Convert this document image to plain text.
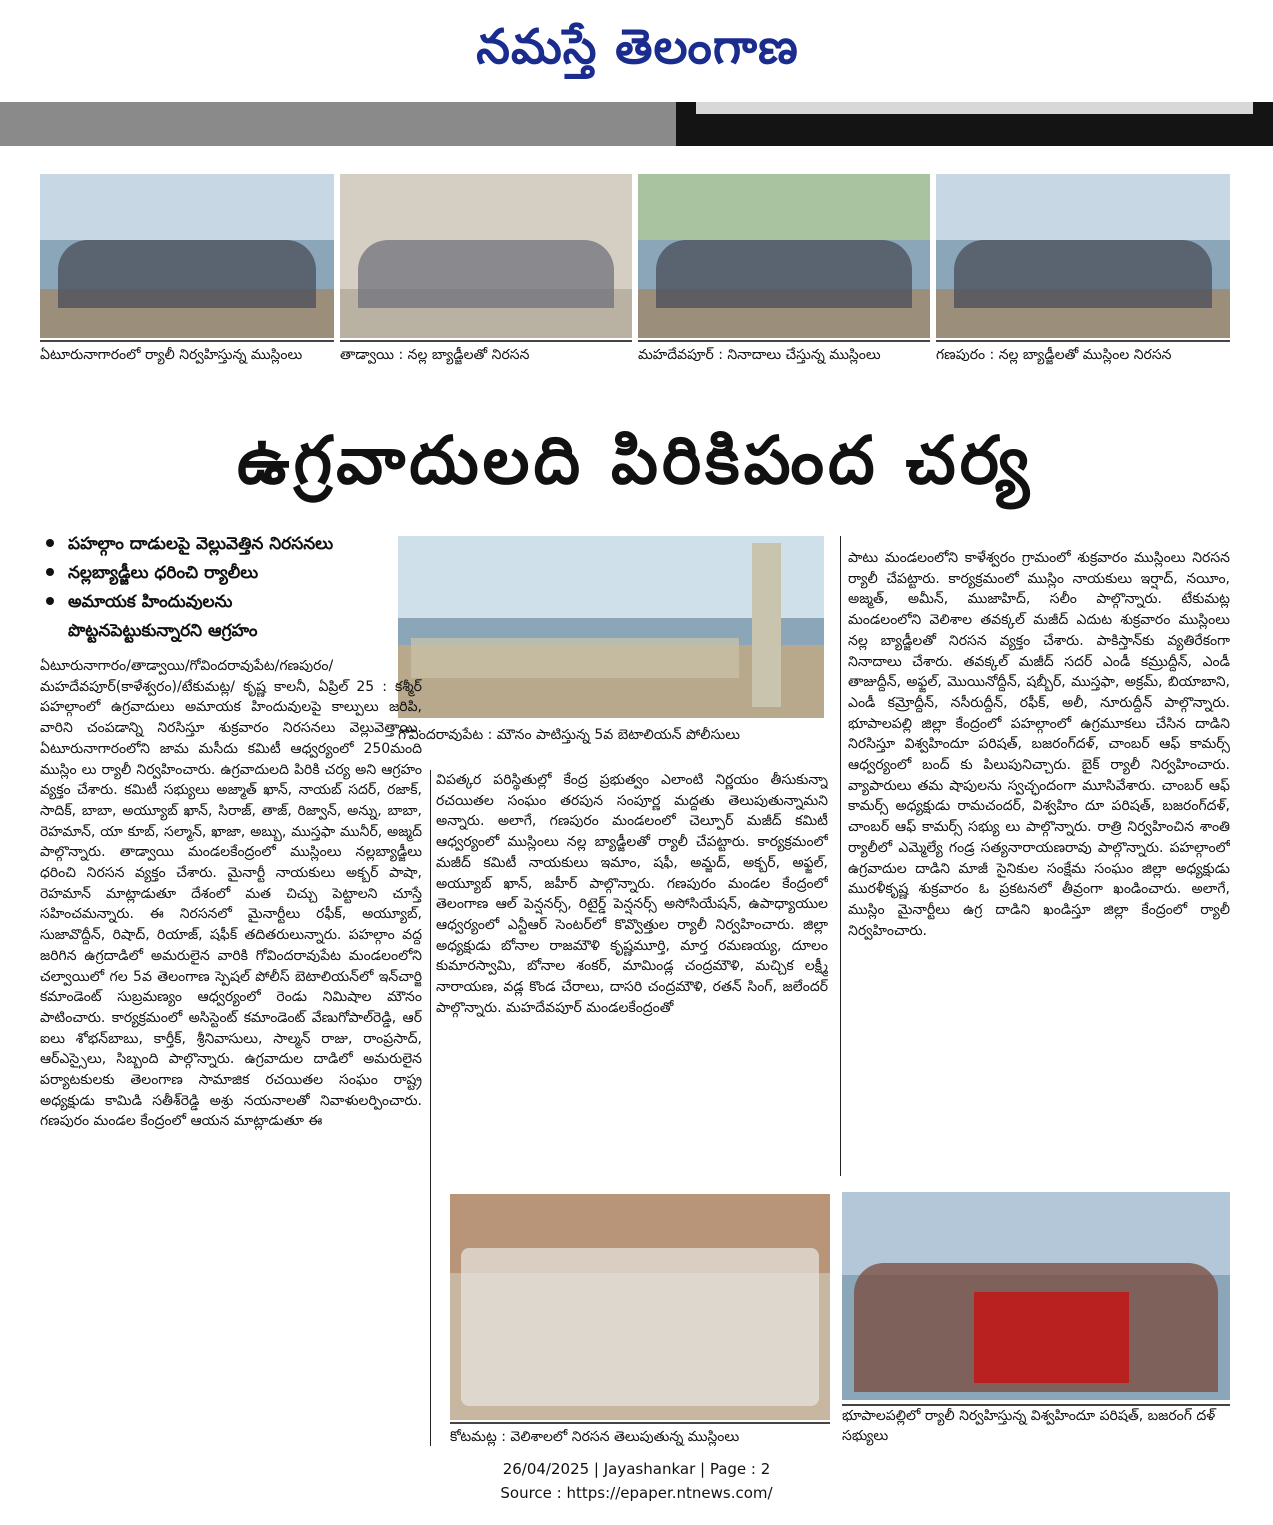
నమస్తే తెలంగాణ
ఏటూరునాగారంలో ర్యాలీ నిర్వహిస్తున్న ముస్లింలు	తాడ్వాయి : నల్ల బ్యాడ్జీలతో నిరసన	మహదేవపూర్ : నినాదాలు చేస్తున్న ముస్లింలు	గణపురం : నల్ల బ్యాడ్జీలతో ముస్లింల నిరసన
ఉగ్రవాదులది పిరికిపంద చర్య
పహల్గాం దాడులపై వెల్లువెత్తిన నిరసనలు
నల్లబ్యాడ్జీలు ధరించి ర్యాలీలు
అమాయక హిందువులను
పొట్టనపెట్టుకున్నారని ఆగ్రహం
గోవిందరావుపేట : మౌనం పాటిస్తున్న 5వ బెటాలియన్ పోలీసులు
ఏటూరునాగారం/తాడ్వాయి/గోవిందరావుపేట/గణపురం/మహదేవపూర్(కాళేశ్వరం)/టేకుమట్ల/ కృష్ణ కాలనీ, ఏప్రిల్ 25 : కశ్మీర్ పహల్గాంలో ఉగ్రవాదులు అమాయక హిందువులపై కాల్పులు జరిపి, వారిని చంపడాన్ని నిరసిస్తూ శుక్రవారం నిరసనలు వెల్లువెత్తాయి. ఏటూరునాగారంలోని జామ మసీదు కమిటీ ఆధ్వర్యంలో 250మంది ముస్లిం లు ర్యాలీ నిర్వహించారు. ఉగ్రవాదులది పిరికి చర్య అని ఆగ్రహం వ్యక్తం చేశారు. కమిటీ సభ్యులు అజ్మాత్ ఖాన్, నాయబ్ సదర్, రజాక్, సాదిక్, బాబా, అయ్యూబ్ ఖాన్, సిరాజ్, తాజ్, రిజ్వాన్, అన్ను, బాబా, రెహమాన్, యా కూబ్, సల్మాన్, ఖాజా, అబ్బు, ముస్తఫా మునీర్, అజ్మద్ పాల్గొన్నారు. తాడ్వాయి మండలకేంద్రంలో ముస్లింలు నల్లబ్యాడ్జీలు ధరించి నిరసన వ్యక్తం చేశారు. మైనార్టీ నాయకులు అక్బర్ పాషా, రెహమాన్ మాట్లాడుతూ దేశంలో మత చిచ్చు పెట్టాలని చూస్తే సహించమన్నారు. ఈ నిరసనలో మైనార్టీలు రఫీక్, అయ్యూబ్, సుజావొద్దీన్, రిషాద్, రియాజ్, షఫీక్ తదితరులున్నారు. పహల్గాం వద్ద జరిగిన ఉగ్రదాడిలో అమరులైన వారికి గోవిందరావుపేట మండలంలోని చల్వాయిలో గల 5వ తెలంగాణ స్పెషల్ పోలీస్ బెటాలియన్‌లో ఇన్‌చార్జి కమాండెంట్ సుబ్రమణ్యం ఆధ్వర్యంలో రెండు నిమిషాల మౌనం పాటించారు. కార్యక్రమంలో అసిస్టెంట్ కమాండెంట్ వేణుగోపాల్‌రెడ్డి, ఆర్ ఐలు శోభన్‌బాబు, కార్తీక్, శ్రీనివాసులు, సాల్మన్ రాజు, రాంప్రసాద్, ఆర్‌ఎస్సైలు, సిబ్బంది పాల్గొన్నారు. ఉగ్రవాదుల దాడిలో అమరులైన పర్యాటకులకు తెలంగాణ సామాజిక రచయితల సంఘం రాష్ట్ర అధ్యక్షుడు కామిడి సతీశ్‌రెడ్డి అశ్రు నయనాలతో నివాళులర్పించారు. గణపురం మండల కేంద్రంలో ఆయన మాట్లాడుతూ ఈ
విపత్కర పరిస్థితుల్లో కేంద్ర ప్రభుత్వం ఎలాంటి నిర్ణయం తీసుకున్నా రచయితల సంఘం తరపున సంపూర్ణ మద్దతు తెలుపుతున్నామని అన్నారు. అలాగే, గణపురం మండలంలో చెల్పూర్ మజీద్ కమిటీ ఆధ్వర్యంలో ముస్లింలు నల్ల బ్యాడ్జీలతో ర్యాలీ చేపట్టారు. కార్యక్రమంలో మజీద్ కమిటీ నాయకులు ఇమాం, షఫీ, అమ్జద్, అక్బర్, అఫ్జల్, అయ్యూబ్ ఖాన్, జహీర్ పాల్గొన్నారు. గణపురం మండల కేంద్రంలో తెలంగాణ ఆల్ పెన్షనర్స్, రిటైర్డ్ పెన్షనర్స్ అసోసియేషన్, ఉపాధ్యాయుల ఆధ్వర్యంలో ఎన్టీఆర్ సెంటర్‌లో కొవ్వొత్తుల ర్యాలీ నిర్వహించారు. జిల్లా అధ్యక్షుడు బోనాల రాజమౌళి కృష్ణమూర్తి, మార్త రమణయ్య, దూలం కుమారస్వామి, బోనాల శంకర్, మామిండ్ల చంద్రమౌళి, మచ్చిక లక్ష్మీ నారాయణ, వడ్ల కొండ చేరాలు, దాసరి చంద్రమౌళి, రతన్ సింగ్, జలేందర్ పాల్గొన్నారు. మహదేవపూర్ మండలకేంద్రంతో
పాటు మండలంలోని కాళేశ్వరం గ్రామంలో శుక్రవారం ముస్లింలు నిరసన ర్యాలీ చేపట్టారు. కార్యక్రమంలో ముస్లిం నాయకులు ఇర్షాద్, నయీం, అజ్మత్, అమీన్, ముజాహిద్, సలీం పాల్గొన్నారు. టేకుమట్ల మండలంలోని వెలిశాల తవక్కల్ మజీద్ ఎదుట శుక్రవారం ముస్లింలు నల్ల బ్యాడ్జీలతో నిరసన వ్యక్తం చేశారు. పాకిస్తాన్‌కు వ్యతిరేకంగా నినాదాలు చేశారు. తవక్కల్ మజీద్ సదర్ ఎండీ కమ్రుద్దీన్, ఎండీ తాజుద్దీన్, అఫ్జల్, మొయినోద్దీన్, షబ్బీర్, ముస్తఫా, అక్రమ్, బియాబాని, ఎండీ కమ్రోద్దీన్, నసీరుద్దీన్, రఫీక్, అలీ, నూరుద్దీన్ పాల్గొన్నారు. భూపాలపల్లి జిల్లా కేంద్రంలో పహల్గాంలో ఉగ్రమూకలు చేసిన దాడిని నిరసిస్తూ విశ్వహిందూ పరిషత్, బజరంగ్‌దళ్, చాంబర్ ఆఫ్ కామర్స్ ఆధ్వర్యంలో బంద్ కు పిలుపునిచ్చారు. బైక్ ర్యాలీ నిర్వహించారు. వ్యాపారులు తమ షాపులను స్వచ్ఛందంగా మూసివేశారు. చాంబర్ ఆఫ్ కామర్స్ అధ్యక్షుడు రామచందర్, విశ్వహిం దూ పరిషత్, బజరంగ్‌దళ్, చాంబర్ ఆఫ్ కామర్స్ సభ్యు లు పాల్గొన్నారు. రాత్రి నిర్వహించిన శాంతి ర్యాలీలో ఎమ్మెల్యే గండ్ర సత్యనారాయణరావు పాల్గొన్నారు. పహల్గాంలో ఉగ్రవాదుల దాడిని మాజీ సైనికుల సంక్షేమ సంఘం జిల్లా అధ్యక్షుడు మురళీకృష్ణ శుక్రవారం ఓ ప్రకటనలో తీవ్రంగా ఖండించారు. అలాగే, ముస్లిం మైనార్టీలు ఉగ్ర దాడిని ఖండిస్తూ జిల్లా కేంద్రంలో ర్యాలీ నిర్వహించారు.
కోటమట్ల : వెలిశాలలో నిరసన తెలుపుతున్న ముస్లింలు
భూపాలపల్లిలో ర్యాలీ నిర్వహిస్తున్న విశ్వహిందూ పరిషత్, బజరంగ్ దళ్ సభ్యులు
26/04/2025 | Jayashankar | Page : 2
Source : https://epaper.ntnews.com/
